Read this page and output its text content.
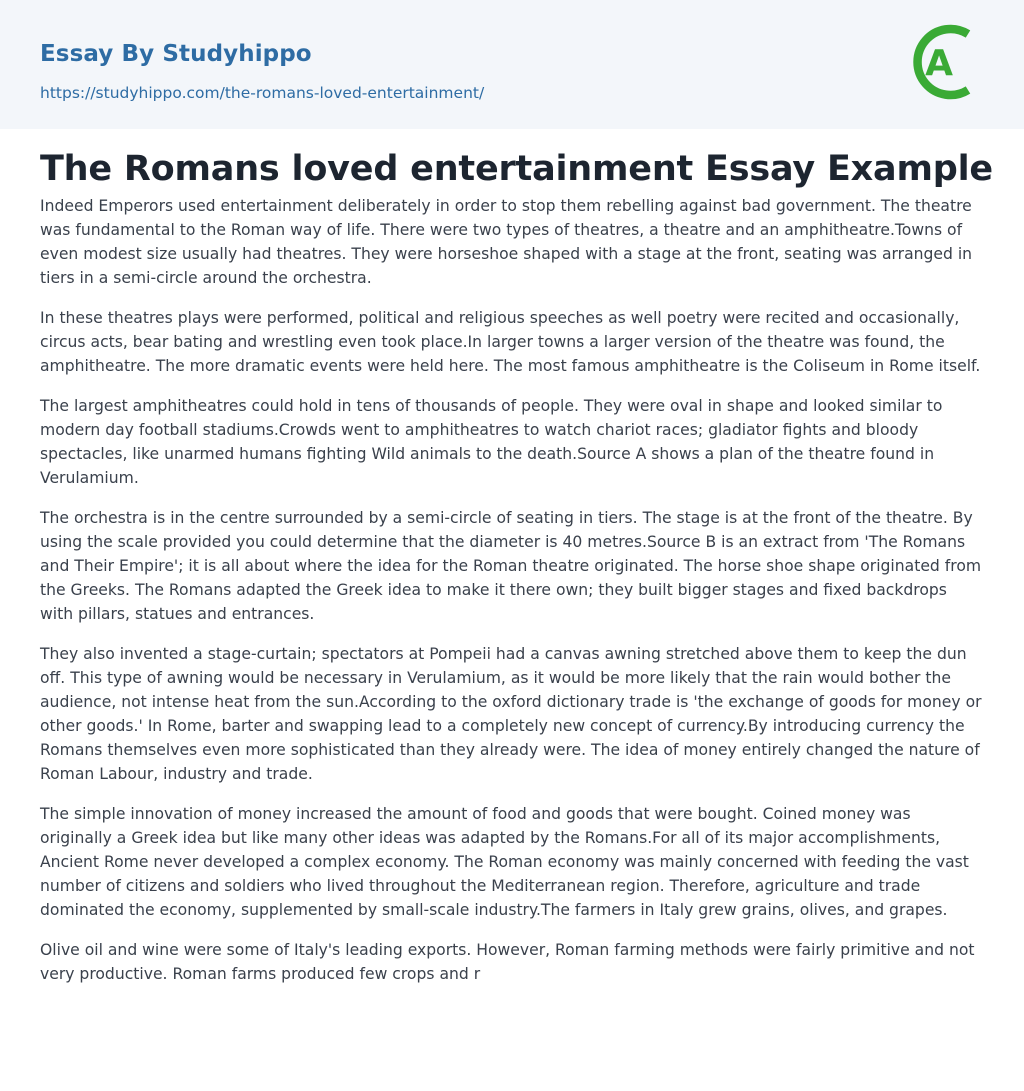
Essay By Studyhippo
https://studyhippo.com/the-romans-loved-entertainment/
A
The Romans loved entertainment Essay Example

Indeed Emperors used entertainment deliberately in order to stop them rebelling against bad government. The theatre was fundamental to the Roman way of life. There were two types of theatres, a theatre and an amphitheatre.Towns of even modest size usually had theatres. They were horseshoe shaped with a stage at the front, seating was arranged in tiers in a semi-circle around the orchestra.

In these theatres plays were performed, political and religious speeches as well poetry were recited and occasionally, circus acts, bear bating and wrestling even took place.In larger towns a larger version of the theatre was found, the amphitheatre. The more dramatic events were held here. The most famous amphitheatre is the Coliseum in Rome itself.

The largest amphitheatres could hold in tens of thousands of people. They were oval in shape and looked similar to modern day football stadiums.Crowds went to amphitheatres to watch chariot races; gladiator fights and bloody spectacles, like unarmed humans fighting Wild animals to the death.Source A shows a plan of the theatre found in Verulamium.

The orchestra is in the centre surrounded by a semi-circle of seating in tiers. The stage is at the front of the theatre. By using the scale provided you could determine that the diameter is 40 metres.Source B is an extract from 'The Romans and Their Empire'; it is all about where the idea for the Roman theatre originated. The horse shoe shape originated from the Greeks. The Romans adapted the Greek idea to make it there own; they built bigger stages and fixed backdrops with pillars, statues and entrances.

They also invented a stage-curtain; spectators at Pompeii had a canvas awning stretched above them to keep the dun off. This type of awning would be necessary in Verulamium, as it would be more likely that the rain would bother the audience, not intense heat from the sun.According to the oxford dictionary trade is 'the exchange of goods for money or other goods.' In Rome, barter and swapping lead to a completely new concept of currency.By introducing currency the Romans themselves even more sophisticated than they already were. The idea of money entirely changed the nature of Roman Labour, industry and trade.

The simple innovation of money increased the amount of food and goods that were bought. Coined money was originally a Greek idea but like many other ideas was adapted by the Romans.For all of its major accomplishments, Ancient Rome never developed a complex economy. The Roman economy was mainly concerned with feeding the vast number of citizens and soldiers who lived throughout the Mediterranean region. Therefore, agriculture and trade dominated the economy, supplemented by small-scale industry.The farmers in Italy grew grains, olives, and grapes.

Olive oil and wine were some of Italy's leading exports. However, Roman farming methods were fairly primitive and not very productive. Roman farms produced few crops and r
